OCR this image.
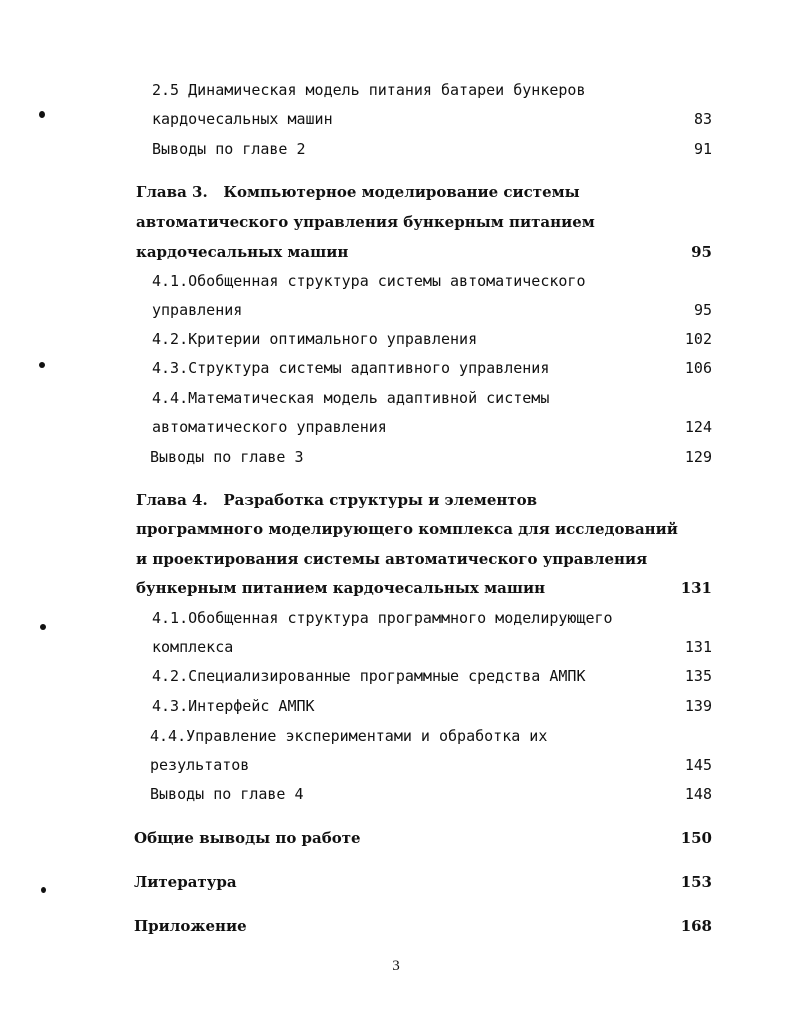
2.5 Динамическая модель питания батареи бункеров
кардочесальных машин	83
Выводы по главе 2	91
Глава 3.   Компьютерное моделирование системы
автоматического управления бункерным питанием
кардочесальных машин	95
4.1.Обобщенная структура системы автоматического
управления	95
4.2.Критерии оптимального управления	102
4.3.Структура системы адаптивного управления	106
4.4.Математическая модель адаптивной системы
автоматического управления	124
Выводы по главе 3	129
Глава 4.   Разработка структуры и элементов
программного моделирующего комплекса для исследований
и проектирования системы автоматического управления
бункерным питанием кардочесальных машин	131
4.1.Обобщенная структура программного моделирующего
комплекса	131
4.2.Специализированные программные средства АМПК	135
4.3.Интерфейс АМПК	139
4.4.Управление экспериментами и обработка их
результатов	145
Выводы по главе 4	148
Общие выводы по работе	150
Литература	153
Приложение	168
3
